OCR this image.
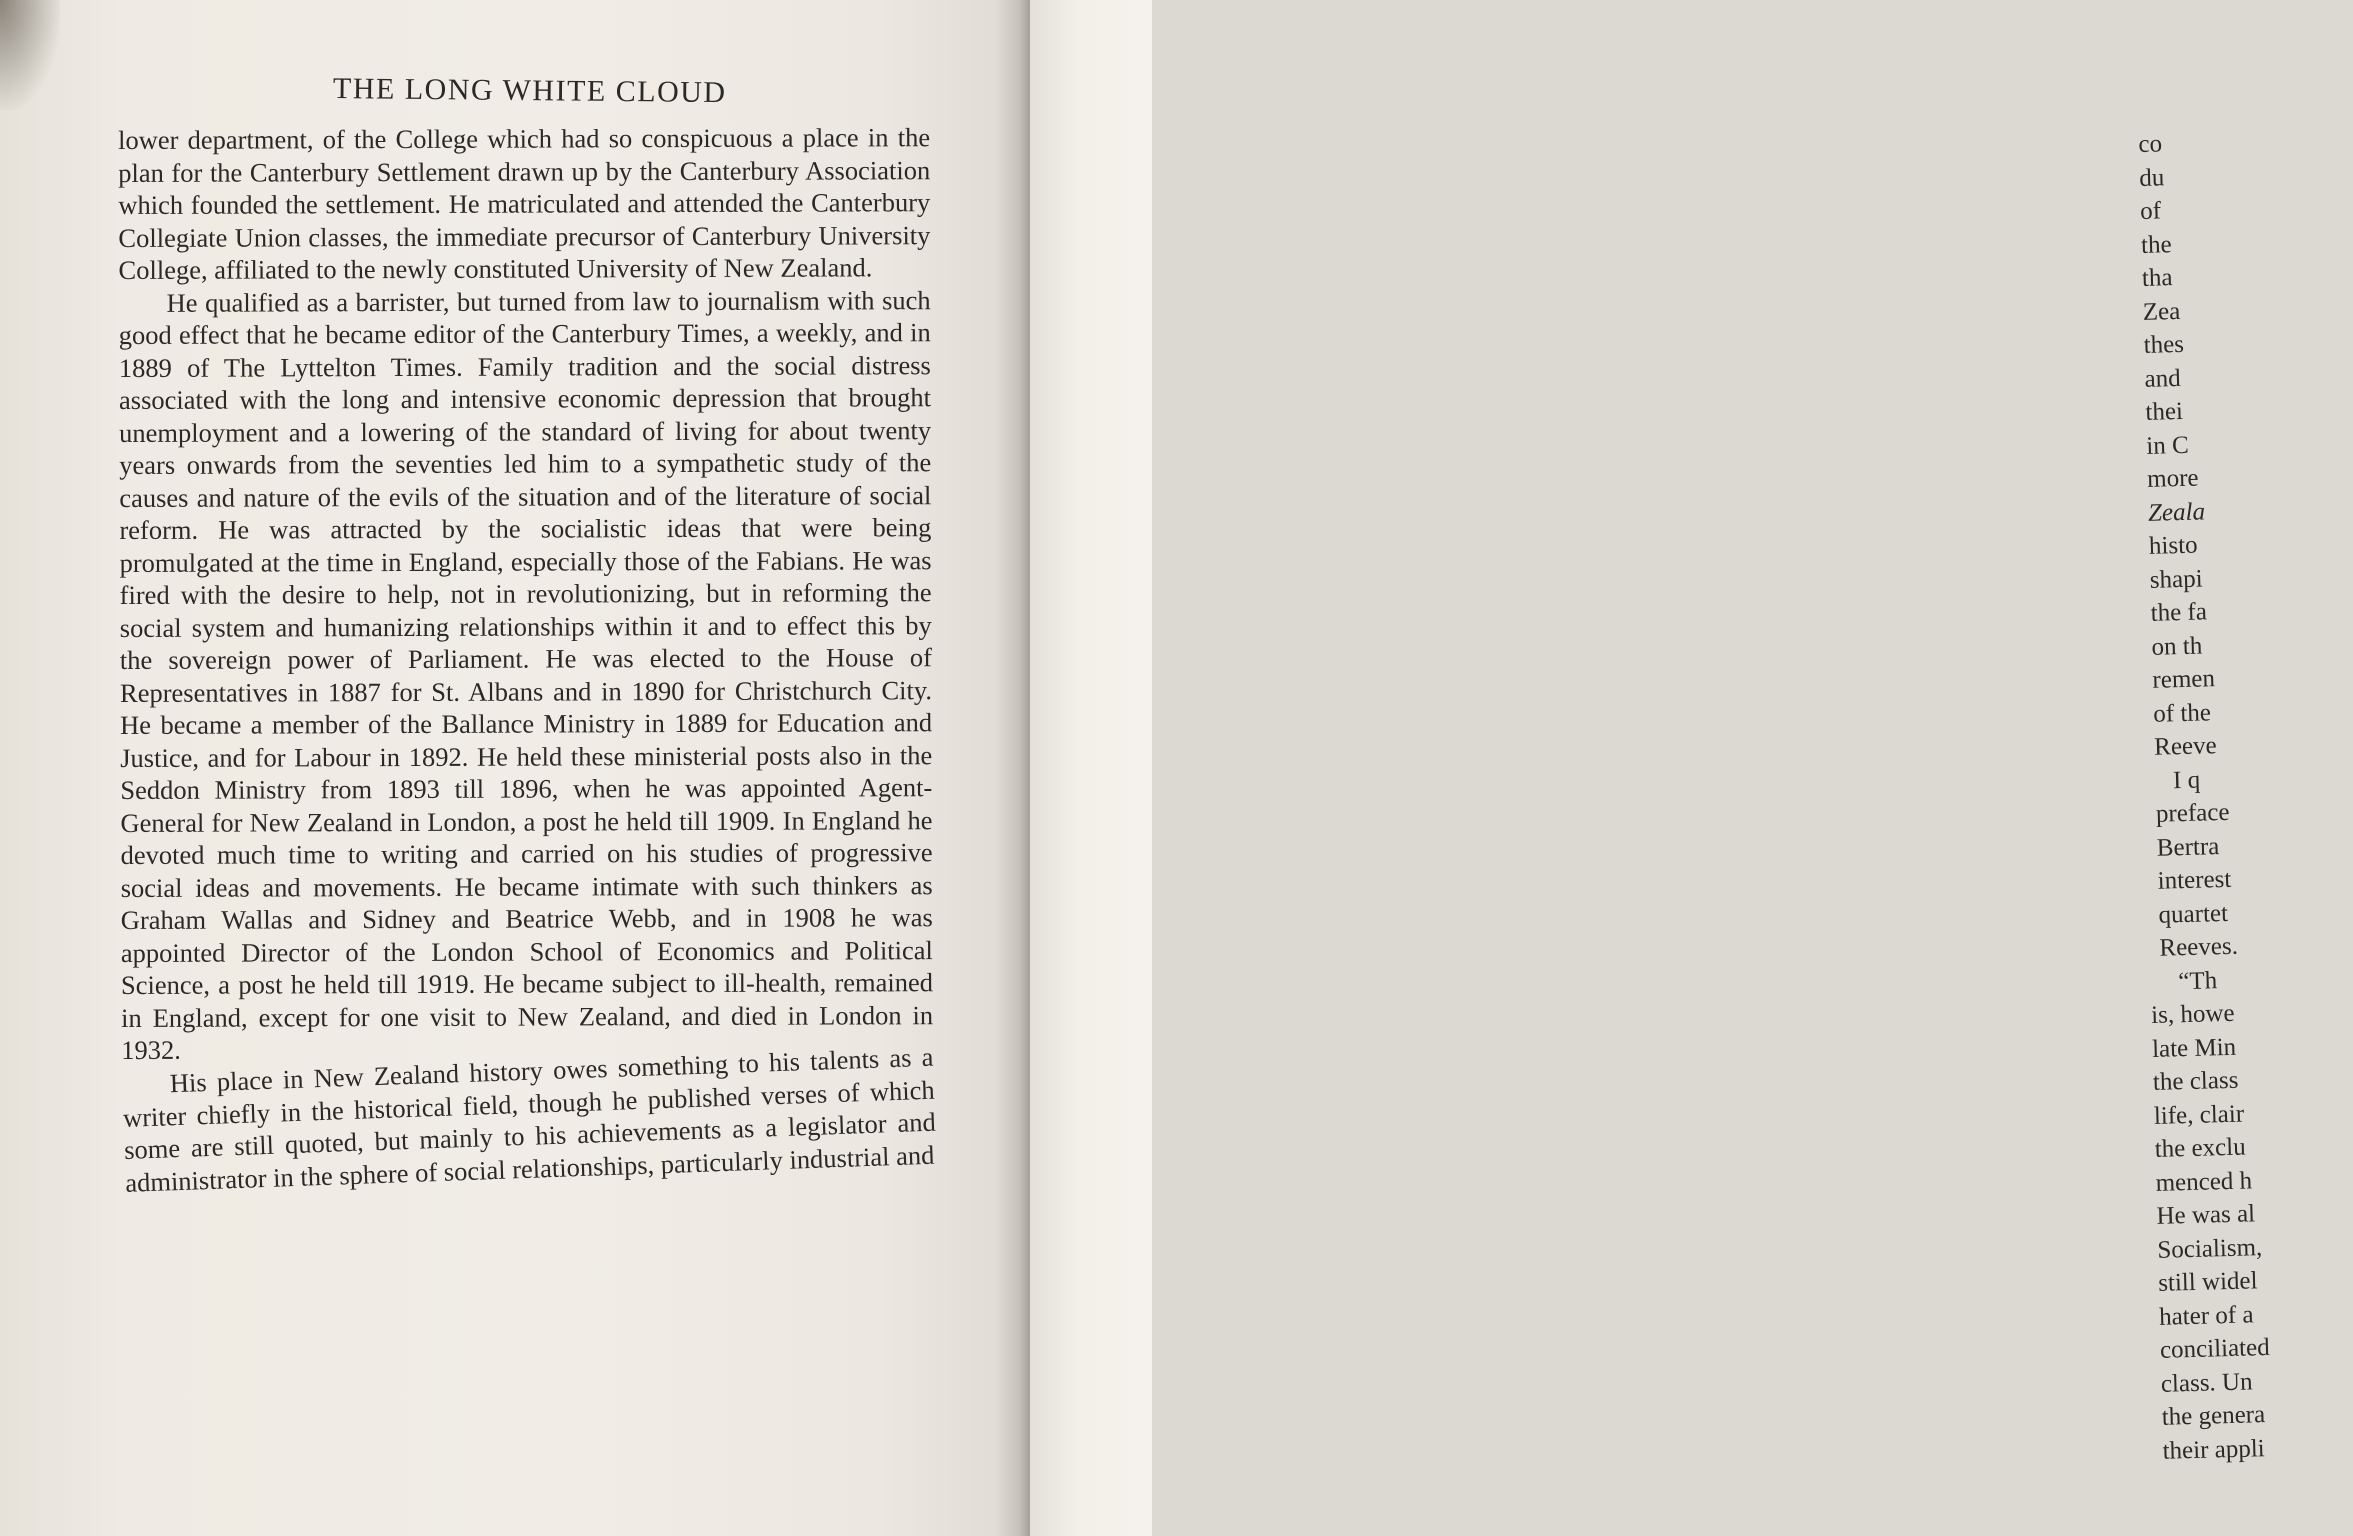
THE LONG WHITE CLOUD

lower department, of the College which had so conspicuous a place in the plan for the Canterbury Settlement drawn up by the Canterbury Association which founded the settlement. He matriculated and attended the Canterbury Collegiate Union classes, the immediate precursor of Canterbury University College, affiliated to the newly constituted University of New Zealand.

He qualified as a barrister, but turned from law to journalism with such good effect that he became editor of the Canterbury Times, a weekly, and in 1889 of The Lyttelton Times. Family tradition and the social distress associated with the long and intensive economic depression that brought unemployment and a lowering of the standard of living for about twenty years onwards from the seventies led him to a sympathetic study of the causes and nature of the evils of the situation and of the literature of social reform. He was attracted by the socialistic ideas that were being promulgated at the time in England, especially those of the Fabians. He was fired with the desire to help, not in revolutionizing, but in reforming the social system and humanizing relationships within it and to effect this by the sovereign power of Parliament. He was elected to the House of Representatives in 1887 for St. Albans and in 1890 for Christchurch City. He became a member of the Ballance Ministry in 1889 for Education and Justice, and for Labour in 1892. He held these ministerial posts also in the Seddon Ministry from 1893 till 1896, when he was appointed Agent-General for New Zealand in London, a post he held till 1909. In England he devoted much time to writing and carried on his studies of progressive social ideas and movements. He became intimate with such thinkers as Graham Wallas and Sidney and Beatrice Webb, and in 1908 he was appointed Director of the London School of Economics and Political Science, a post he held till 1919. He became subject to ill-health, remained in England, except for one visit to New Zealand, and died in London in 1932.

His place in New Zealand history owes something to his talents as a writer chiefly in the historical field, though he published verses of which some are still quoted, but mainly to his achievements as a legislator and administrator in the sphere of social relationships, particularly industrial and

co
du
of
the
tha
Zea
thes
and
thei
in C
more
Zeala
histo
shapi
the fa
on th
remen
of the
Reeve
I q
preface
Bertra
interest
quartet
Reeves.
“Th
is, howe
late Min
the class
life, clair
the exclu
menced h
He was al
Socialism,
still widel
hater of a
conciliated
class. Un
the genera
their appli
